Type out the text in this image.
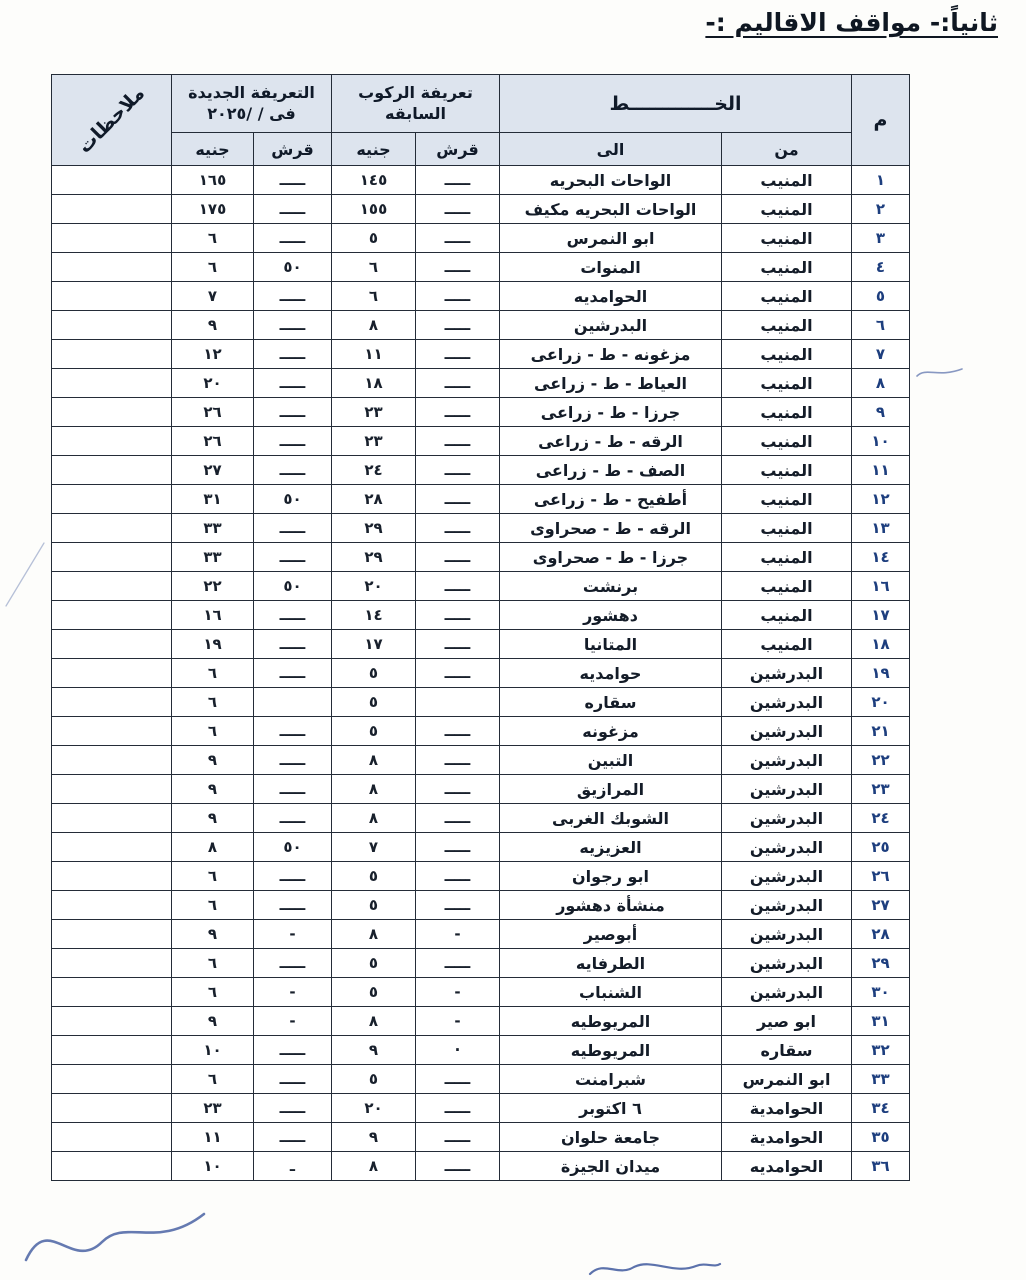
ثانياً:- مواقف الاقاليم :-
م	الخـــــــــــــط	
تعريفة الركوب
السابقه

التعريفة الجديدة
فى / /٢٠٢٥
	ملاحظات
	من	الى	قرش	جنيه	قرش	جنيه	
١	المنيب	الواحات البحريه	ـــــ	١٤٥	ـــــ	١٦٥	
٢	المنيب	الواحات البحريه مكيف	ـــــ	١٥٥	ـــــ	١٧٥	
٣	المنيب	ابو النمرس	ـــــ	٥	ـــــ	٦	
٤	المنيب	المنوات	ـــــ	٦	٥٠	٦	
٥	المنيب	الحوامديه	ـــــ	٦	ـــــ	٧	
٦	المنيب	البدرشين	ـــــ	٨	ـــــ	٩	
٧	المنيب	مزغونه - ط - زراعى	ـــــ	١١	ـــــ	١٢	
٨	المنيب	العياط - ط - زراعى	ـــــ	١٨	ـــــ	٢٠	
٩	المنيب	جرزا - ط - زراعى	ـــــ	٢٣	ـــــ	٢٦	
١٠	المنيب	الرقه - ط - زراعى	ـــــ	٢٣	ـــــ	٢٦	
١١	المنيب	الصف - ط - زراعى	ـــــ	٢٤	ـــــ	٢٧	
١٢	المنيب	أطفيح - ط - زراعى	ـــــ	٢٨	٥٠	٣١	
١٣	المنيب	الرقه - ط - صحراوى	ـــــ	٢٩	ـــــ	٣٣	
١٤	المنيب	جرزا - ط - صحراوى	ـــــ	٢٩	ـــــ	٣٣	
١٦	المنيب	برنشت	ـــــ	٢٠	٥٠	٢٢	
١٧	المنيب	دهشور	ـــــ	١٤	ـــــ	١٦	
١٨	المنيب	المتانيا	ـــــ	١٧	ـــــ	١٩	
١٩	البدرشين	حوامديه	ـــــ	٥	ـــــ	٦	
٢٠	البدرشين	سقاره		٥		٦	
٢١	البدرشين	مزغونه	ـــــ	٥	ـــــ	٦	
٢٢	البدرشين	التبين	ـــــ	٨	ـــــ	٩	
٢٣	البدرشين	المرازيق	ـــــ	٨	ـــــ	٩	
٢٤	البدرشين	الشوبك الغربى	ـــــ	٨	ـــــ	٩	
٢٥	البدرشين	العزيزيه	ـــــ	٧	٥٠	٨	
٢٦	البدرشين	ابو رجوان	ـــــ	٥	ـــــ	٦	
٢٧	البدرشين	منشأة دهشور	ـــــ	٥	ـــــ	٦	
٢٨	البدرشين	أبوصير	-	٨	-	٩	
٢٩	البدرشين	الطرفايه	ـــــ	٥	ـــــ	٦	
٣٠	البدرشين	الشنباب	-	٥	-	٦	
٣١	ابو صير	المريوطيه	-	٨	-	٩	
٣٢	سقاره	المريوطيه	·	٩	ـــــ	١٠	
٣٣	ابو النمرس	شبرامنت	ـــــ	٥	ـــــ	٦	
٣٤	الحوامدية	٦ اكتوبر	ـــــ	٢٠	ـــــ	٢٣	
٣٥	الحوامدية	جامعة حلوان	ـــــ	٩	ـــــ	١١	
٣٦	الحوامديه	ميدان الجيزة	ـــــ	٨	ـ	١٠	
